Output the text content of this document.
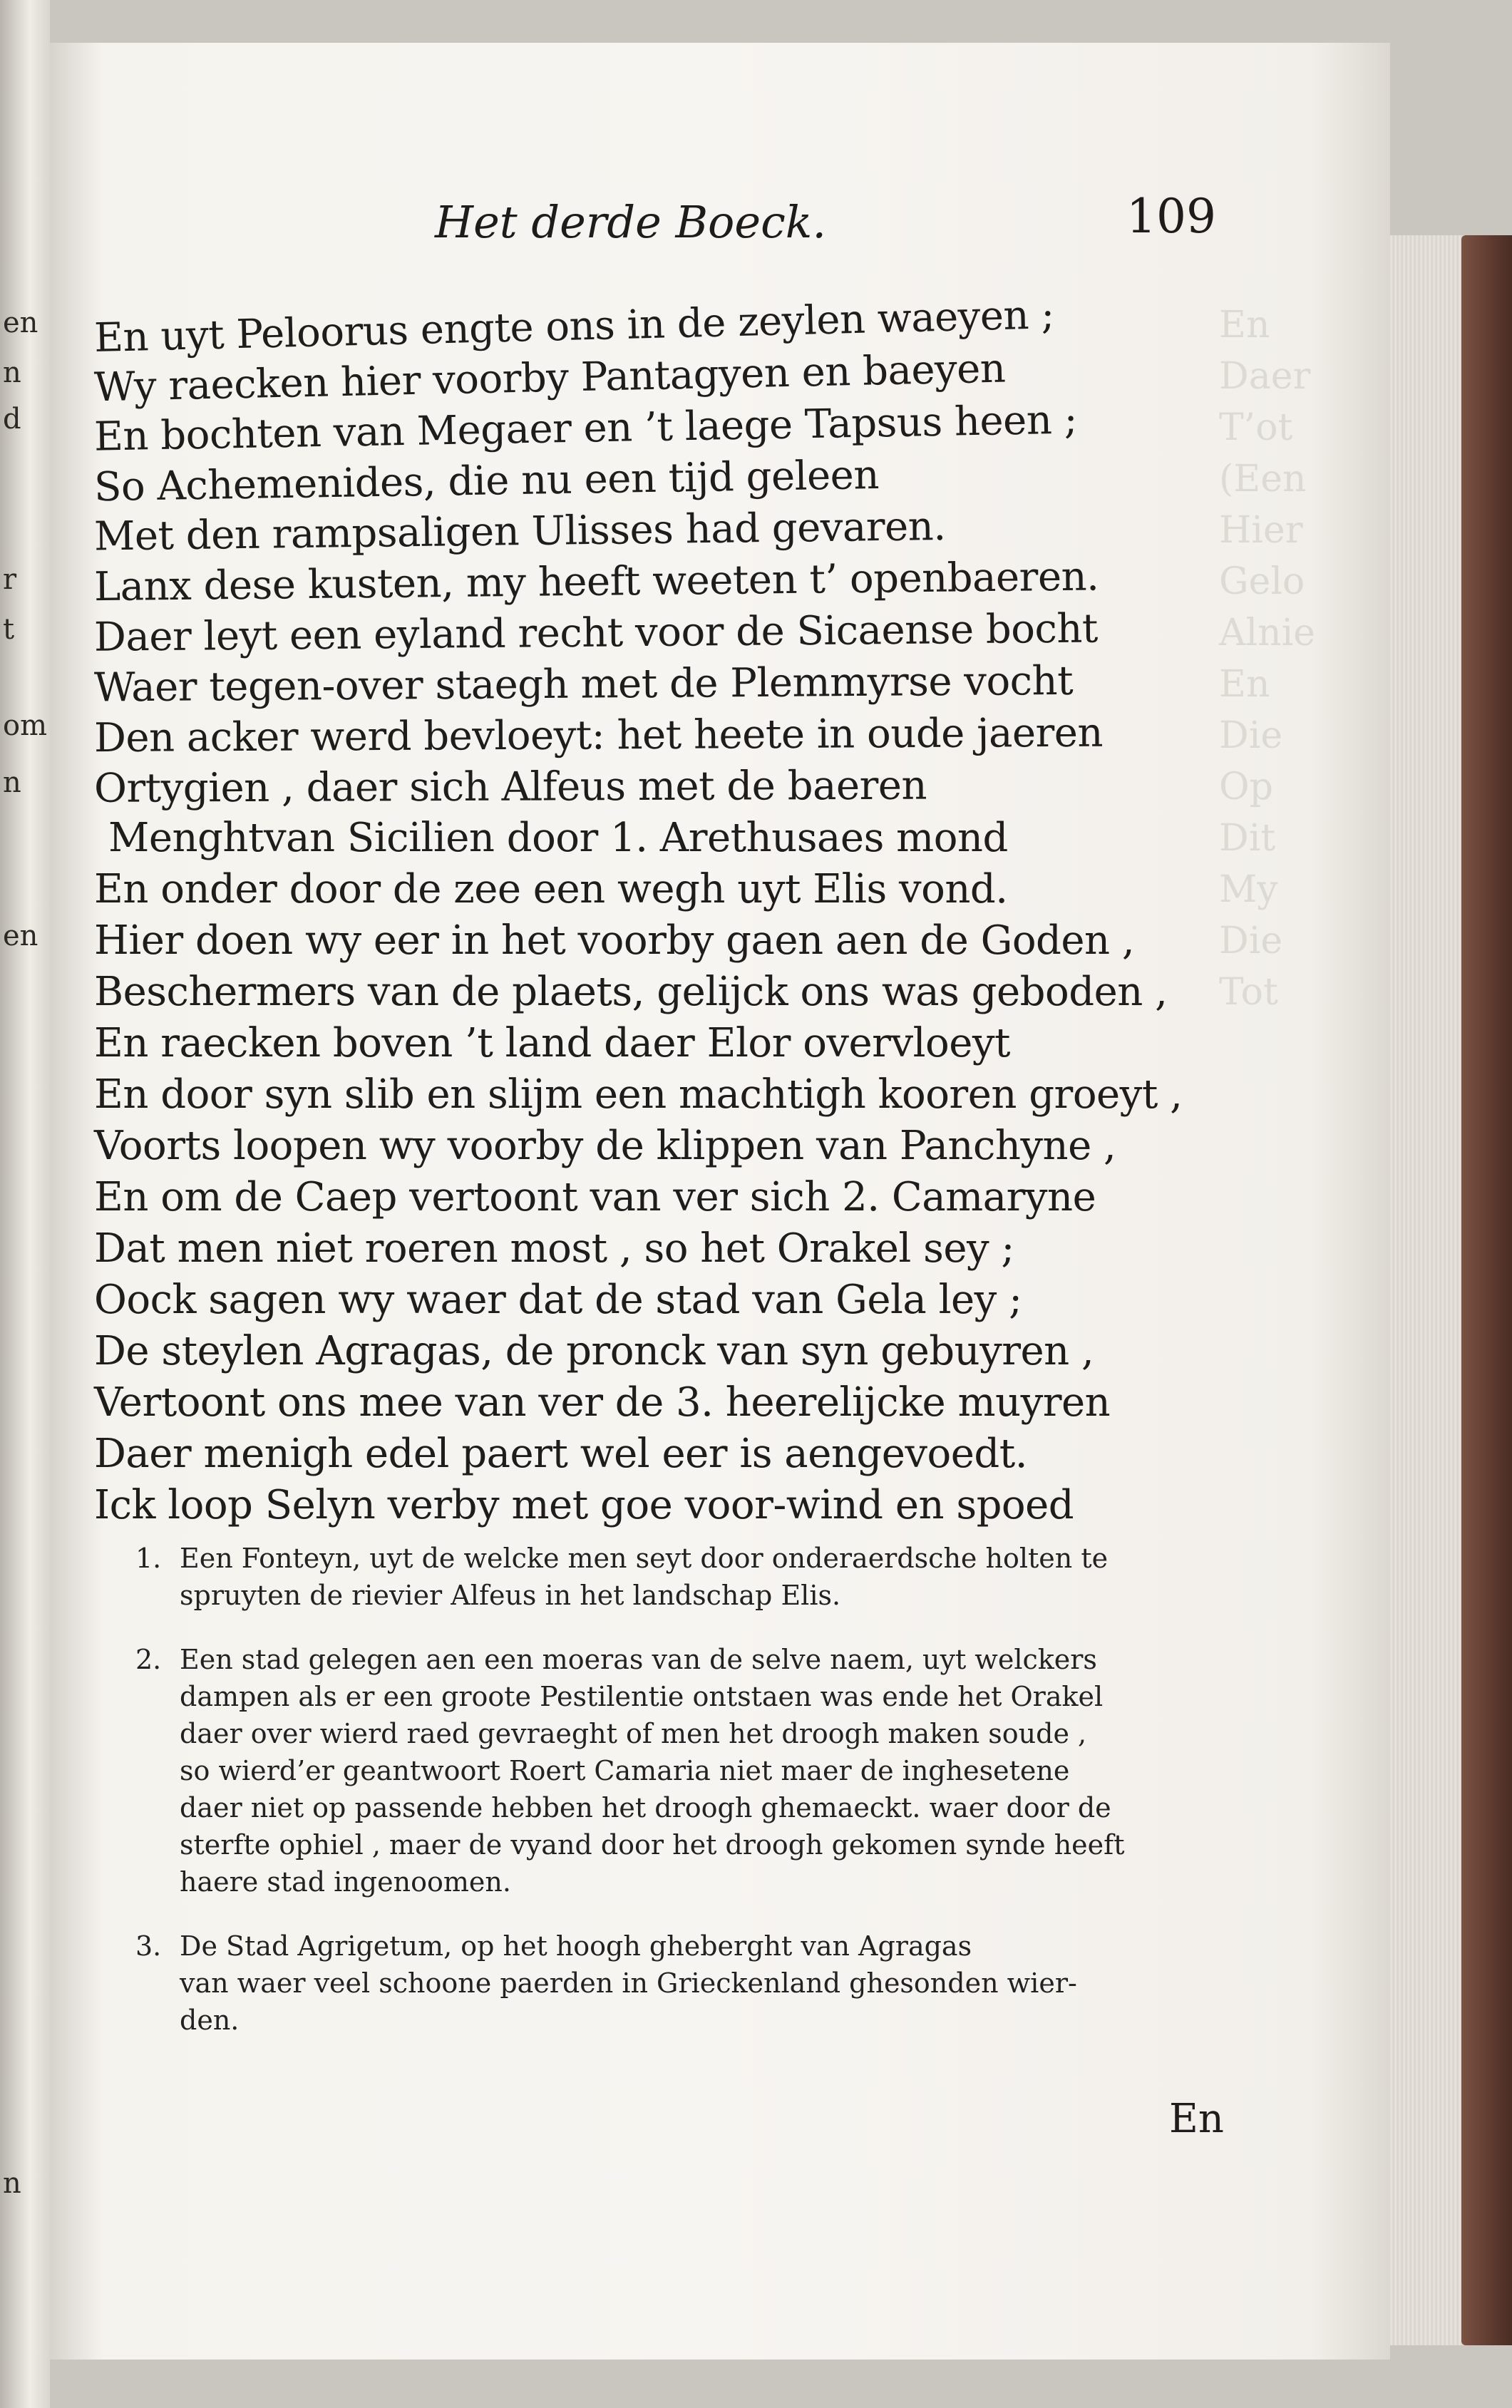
en
n
d
r
t
om
n
en
n
En
Daer
T’ot
(Een
Hier
Gelo
Alnie
En
Die
Op
Dit
My
Die
Tot
Het derde Boeck.	109
En uyt Peloorus engte ons in de zeylen waeyen ;
Wy raecken hier voorby Pantagyen en baeyen
En bochten van Megaer en ’t laege Tapsus heen ;
So Achemenides, die nu een tijd geleen
Met den rampsaligen Ulisses had gevaren.
Lanx dese kusten, my heeft weeten t’ openbaeren.
Daer leyt een eyland recht voor de Sicaense bocht
Waer tegen-over staegh met de Plemmyrse vocht
Den acker werd bevloeyt: het heete in oude jaeren
Ortygien , daer sich Alfeus met de baeren
Menghtvan Sicilien door 1. Arethusaes mond
En onder door de zee een wegh uyt Elis vond.
Hier doen wy eer in het voorby gaen aen de Goden ,
Beschermers van de plaets, gelijck ons was geboden ,
En raecken boven ’t land daer Elor overvloeyt
En door syn slib en slijm een machtigh kooren groeyt ,
Voorts loopen wy voorby de klippen van Panchyne ,
En om de Caep vertoont van ver sich 2. Camaryne
Dat men niet roeren most , so het Orakel sey ;
Oock sagen wy waer dat de stad van Gela ley ;
De steylen Agragas, de pronck van syn gebuyren ,
Vertoont ons mee van ver de 3. heerelijcke muyren
Daer menigh edel paert wel eer is aengevoedt.
Ick loop Selyn verby met goe voor-wind en spoed
1. Een Fonteyn, uyt de welcke men seyt door onderaerdsche holten te
spruyten de rievier Alfeus in het landschap Elis.
2. Een stad gelegen aen een moeras van de selve naem, uyt welckers
dampen als er een groote Pestilentie ontstaen was ende het Orakel
daer over wierd raed gevraeght of men het droogh maken soude ,
so wierd’er geantwoort Roert Camaria niet maer de inghesetene
daer niet op passende hebben het droogh ghemaeckt. waer door de
sterfte ophiel , maer de vyand door het droogh gekomen synde heeft
haere stad ingenoomen.
3. De Stad Agrigetum, op het hoogh gheberght van Agragas
van waer veel schoone paerden in Grieckenland ghesonden wier-
den.
En
